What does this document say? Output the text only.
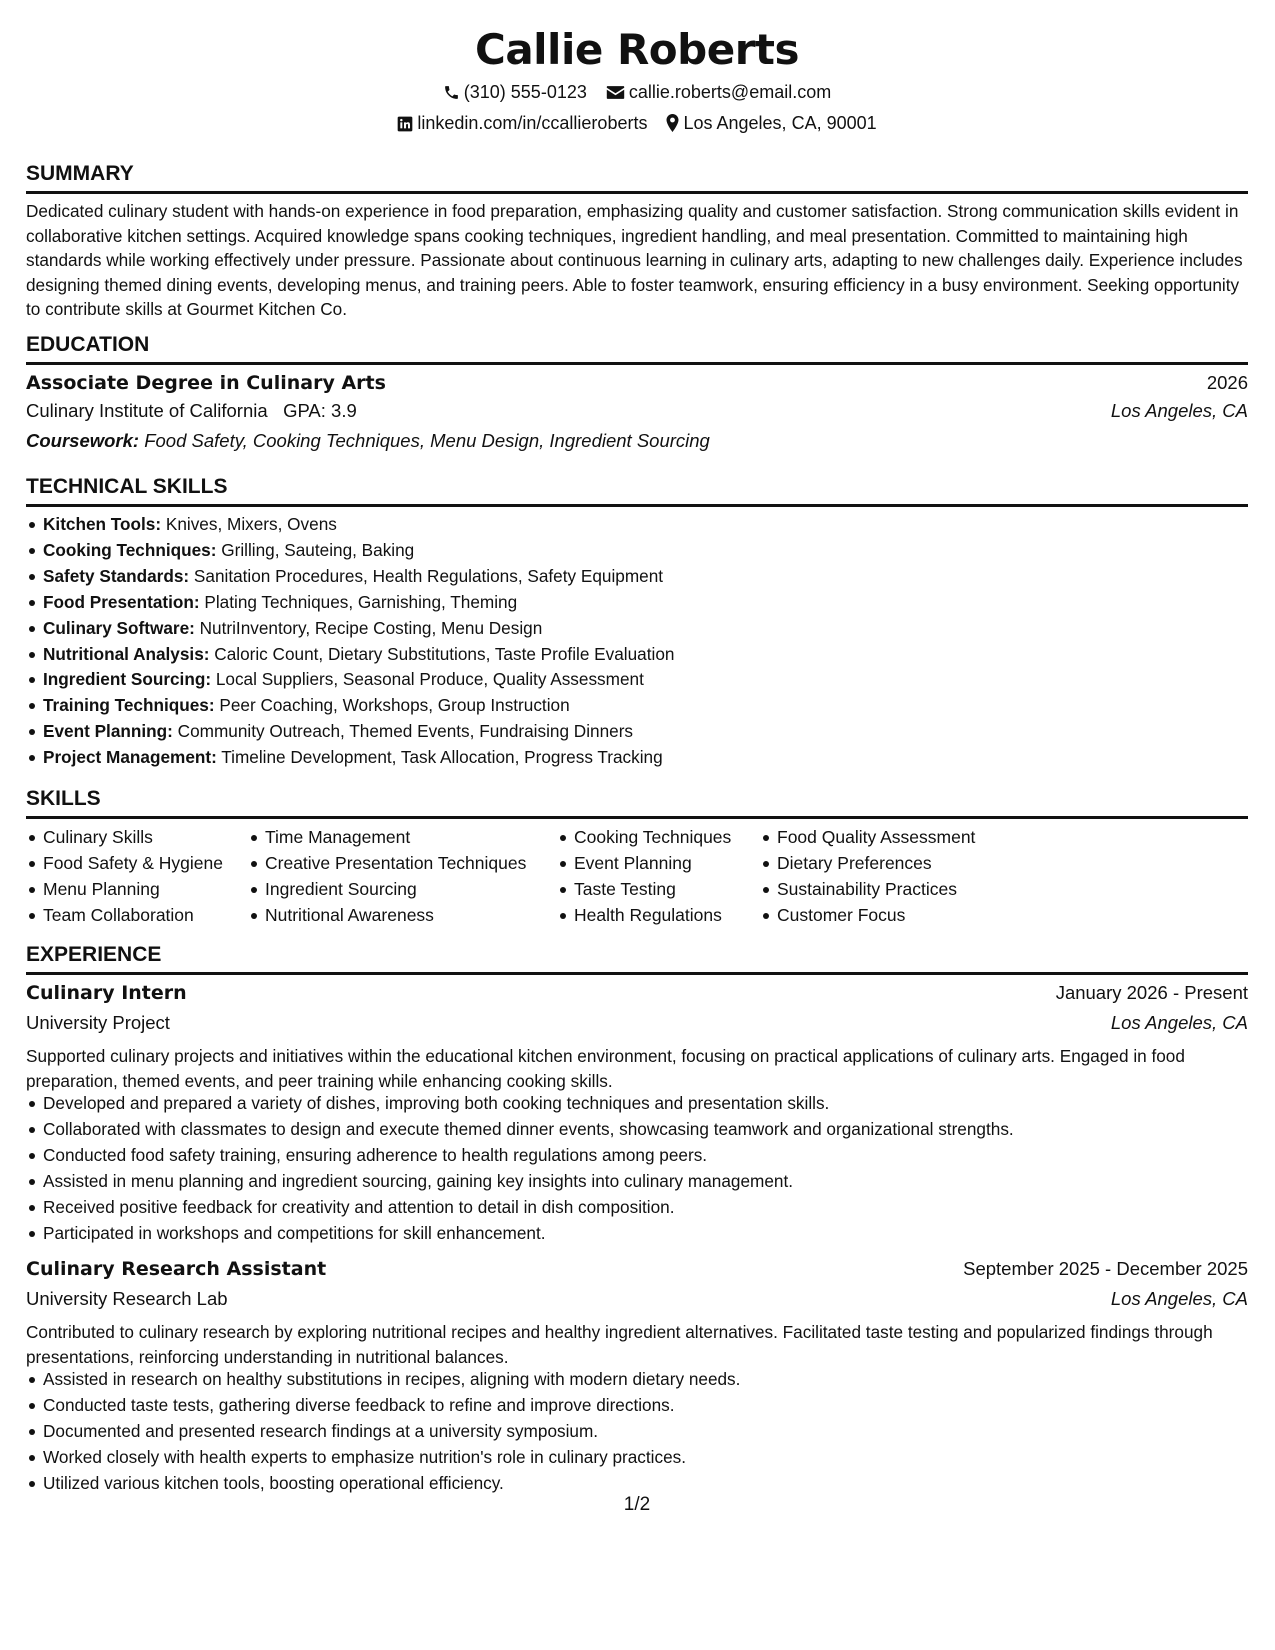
Callie Roberts
(310) 555-0123 callie.roberts@email.com
linkedin.com/in/ccallieroberts Los Angeles, CA, 90001
SUMMARY

Dedicated culinary student with hands-on experience in food preparation, emphasizing quality and customer satisfaction. Strong communication skills evident in collaborative kitchen settings. Acquired knowledge spans cooking techniques, ingredient handling, and meal presentation. Committed to maintaining high standards while working effectively under pressure. Passionate about continuous learning in culinary arts, adapting to new challenges daily. Experience includes designing themed dining events, developing menus, and training peers. Able to foster teamwork, ensuring efficiency in a busy environment. Seeking opportunity to contribute skills at Gourmet Kitchen Co.

EDUCATION
Associate Degree in Culinary Arts	2026
Culinary Institute of California GPA: 3.9	Los Angeles, CA
Coursework: Food Safety, Cooking Techniques, Menu Design, Ingredient Sourcing
TECHNICAL SKILLS
Kitchen Tools: Knives, Mixers, Ovens
Cooking Techniques: Grilling, Sauteing, Baking
Safety Standards: Sanitation Procedures, Health Regulations, Safety Equipment
Food Presentation: Plating Techniques, Garnishing, Theming
Culinary Software: NutriInventory, Recipe Costing, Menu Design
Nutritional Analysis: Caloric Count, Dietary Substitutions, Taste Profile Evaluation
Ingredient Sourcing: Local Suppliers, Seasonal Produce, Quality Assessment
Training Techniques: Peer Coaching, Workshops, Group Instruction
Event Planning: Community Outreach, Themed Events, Fundraising Dinners
Project Management: Timeline Development, Task Allocation, Progress Tracking
SKILLS
Culinary Skills
Food Safety & Hygiene
Menu Planning
Team Collaboration
Time Management
Creative Presentation Techniques
Ingredient Sourcing
Nutritional Awareness
Cooking Techniques
Event Planning
Taste Testing
Health Regulations
Food Quality Assessment
Dietary Preferences
Sustainability Practices
Customer Focus
EXPERIENCE
Culinary Intern	January 2026 - Present
University Project	Los Angeles, CA

Supported culinary projects and initiatives within the educational kitchen environment, focusing on practical applications of culinary arts. Engaged in food preparation, themed events, and peer training while enhancing cooking skills.

Developed and prepared a variety of dishes, improving both cooking techniques and presentation skills.
Collaborated with classmates to design and execute themed dinner events, showcasing teamwork and organizational strengths.
Conducted food safety training, ensuring adherence to health regulations among peers.
Assisted in menu planning and ingredient sourcing, gaining key insights into culinary management.
Received positive feedback for creativity and attention to detail in dish composition.
Participated in workshops and competitions for skill enhancement.
Culinary Research Assistant	September 2025 - December 2025
University Research Lab	Los Angeles, CA

Contributed to culinary research by exploring nutritional recipes and healthy ingredient alternatives. Facilitated taste testing and popularized findings through presentations, reinforcing understanding in nutritional balances.

Assisted in research on healthy substitutions in recipes, aligning with modern dietary needs.
Conducted taste tests, gathering diverse feedback to refine and improve directions.
Documented and presented research findings at a university symposium.
Worked closely with health experts to emphasize nutrition's role in culinary practices.
Utilized various kitchen tools, boosting operational efficiency.
1/2
